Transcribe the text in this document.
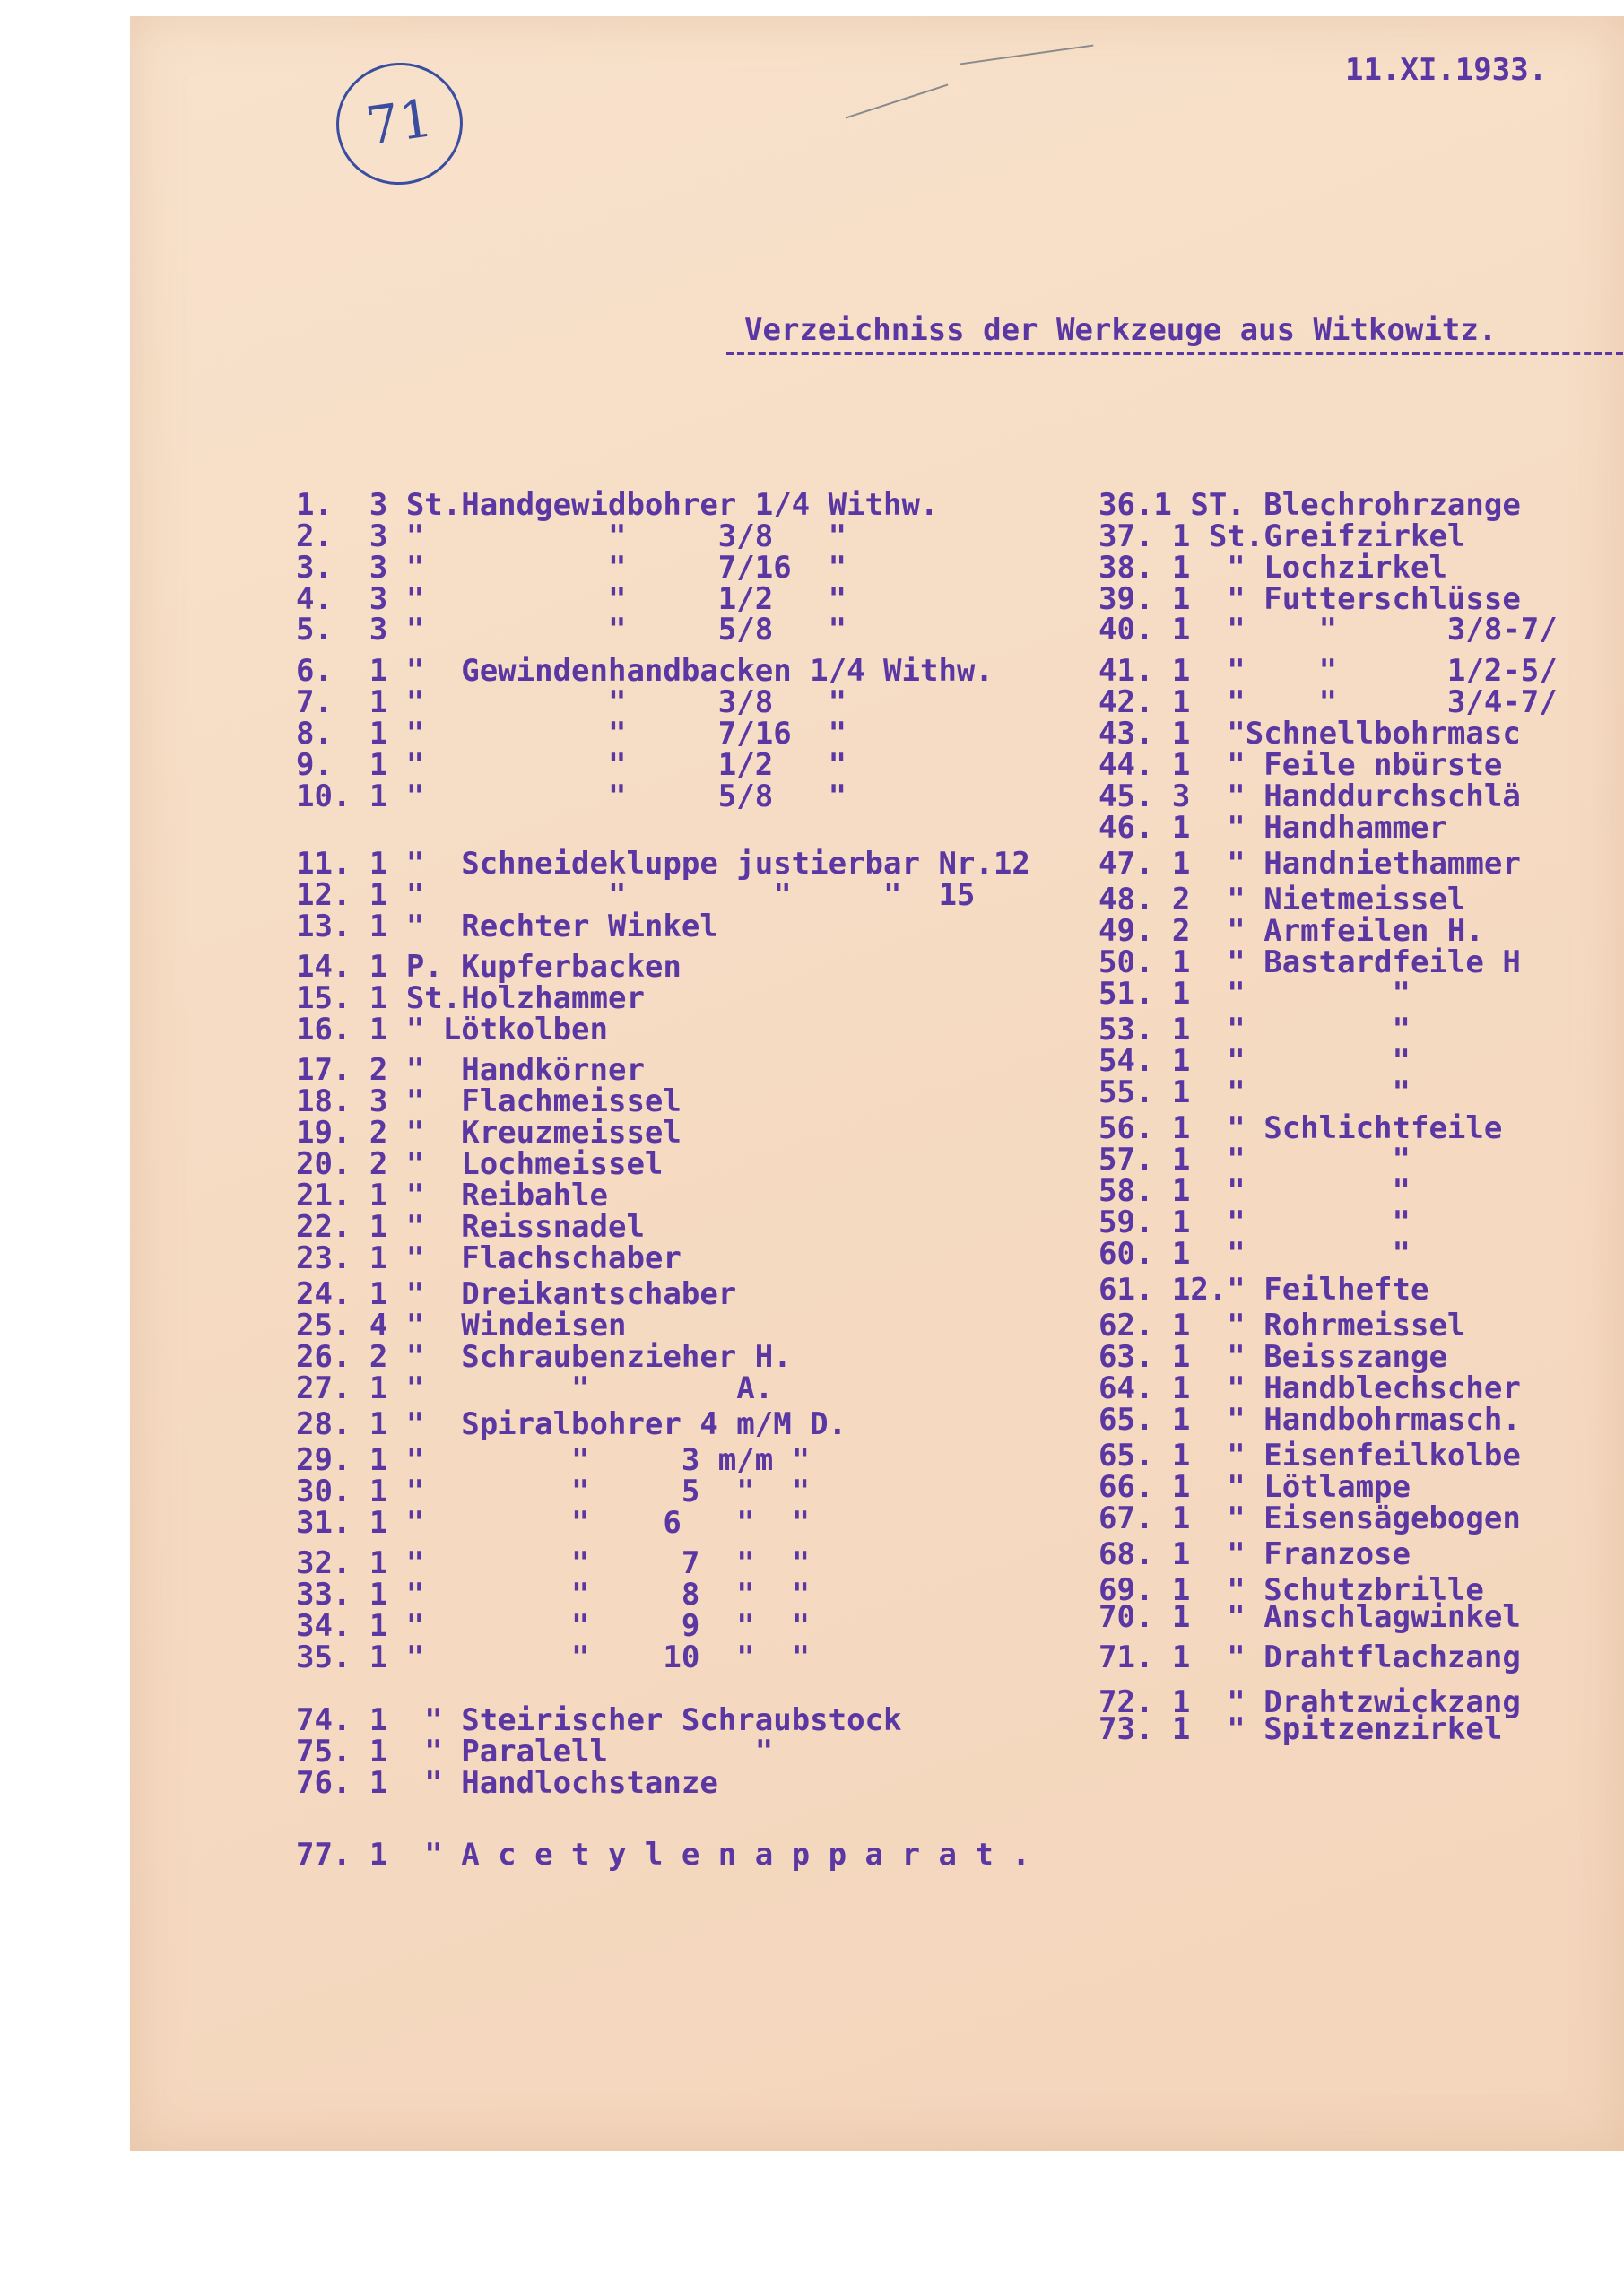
71
11.XI.1933.
Verzeichniss der Werkzeuge aus Witkowitz.
1.  3 St.Handgewidbohrer 1/4 Withw.
2.  3 "          "     3/8   "
3.  3 "          "     7/16  "
4.  3 "          "     1/2   "
5.  3 "          "     5/8   "
6.  1 "  Gewindenhandbacken 1/4 Withw.
7.  1 "          "     3/8   "
8.  1 "          "     7/16  "
9.  1 "          "     1/2   "
10. 1 "          "     5/8   "
11. 1 "  Schneidekluppe justierbar Nr.12
12. 1 "          "        "     "  15
13. 1 "  Rechter Winkel
14. 1 P. Kupferbacken
15. 1 St.Holzhammer
16. 1 " Lötkolben
17. 2 "  Handkörner
18. 3 "  Flachmeissel
19. 2 "  Kreuzmeissel
20. 2 "  Lochmeissel
21. 1 "  Reibahle
22. 1 "  Reissnadel
23. 1 "  Flachschaber
24. 1 "  Dreikantschaber
25. 4 "  Windeisen
26. 2 "  Schraubenzieher H.
27. 1 "        "        A.
28. 1 "  Spiralbohrer 4 m/M D.
29. 1 "        "     3 m/m "
30. 1 "        "     5  "  "
31. 1 "        "    6   "  "
32. 1 "        "     7  "  "
33. 1 "        "     8  "  "
34. 1 "        "     9  "  "
35. 1 "        "    10  "  "
74. 1  " Steirischer Schraubstock
75. 1  " Paralell        "
76. 1  " Handlochstanze
77. 1  " A c e t y l e n a p p a r a t .
36.1 ST. Blechrohrzange
37. 1 St.Greifzirkel
38. 1  " Lochzirkel
39. 1  " Futterschlüsse
40. 1  "    "      3/8-7/
41. 1  "    "      1/2-5/
42. 1  "    "      3/4-7/
43. 1  "Schnellbohrmasc
44. 1  " Feile nbürste
45. 3  " Handdurchschlä
46. 1  " Handhammer
47. 1  " Handniethammer
48. 2  " Nietmeissel
49. 2  " Armfeilen H.
50. 1  " Bastardfeile H
51. 1  "        "
53. 1  "        "
54. 1  "        "
55. 1  "        "
56. 1  " Schlichtfeile
57. 1  "        "
58. 1  "        "
59. 1  "        "
60. 1  "        "
61. 12." Feilhefte
62. 1  " Rohrmeissel
63. 1  " Beisszange
64. 1  " Handblechscher
65. 1  " Handbohrmasch.
65. 1  " Eisenfeilkolbe
66. 1  " Lötlampe
67. 1  " Eisensägebogen
68. 1  " Franzose
69. 1  " Schutzbrille
70. 1  " Anschlagwinkel
71. 1  " Drahtflachzang
72. 1  " Drahtzwickzang
73. 1  " Spitzenzirkel
